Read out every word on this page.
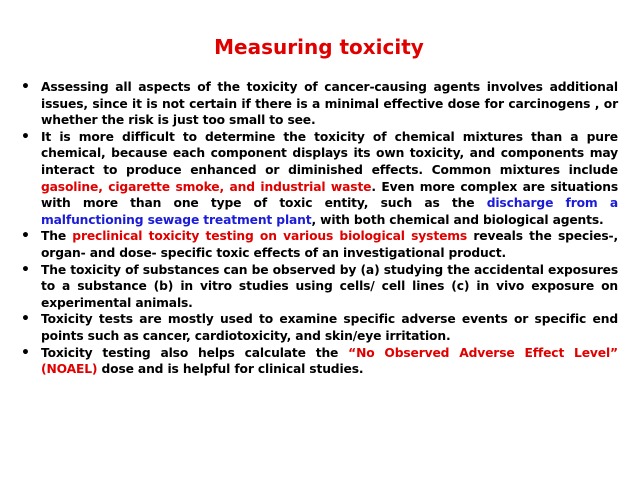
Measuring toxicity
• Assessing all aspects of the toxicity of cancer-causing agents involves additional issues, since it is not certain if there is a minimal effective dose for carcinogens , or whether the risk is just too small to see.
• It is more difficult to determine the toxicity of chemical mixtures than a pure chemical, because each component displays its own toxicity, and components may interact to produce enhanced or diminished effects. Common mixtures include gasoline, cigarette smoke, and industrial waste. Even more complex are situations with more than one type of toxic entity, such as the discharge from a malfunctioning sewage treatment plant, with both chemical and biological agents.
• The preclinical toxicity testing on various biological systems reveals the species-, organ- and dose- specific toxic effects of an investigational product.
• The toxicity of substances can be observed by (a) studying the accidental exposures to a substance (b) in vitro studies using cells/ cell lines (c) in vivo exposure on experimental animals.
• Toxicity tests are mostly used to examine specific adverse events or specific end points such as cancer, cardiotoxicity, and skin/eye irritation.
• Toxicity testing also helps calculate the “No Observed Adverse Effect Level” (NOAEL) dose and is helpful for clinical studies.
